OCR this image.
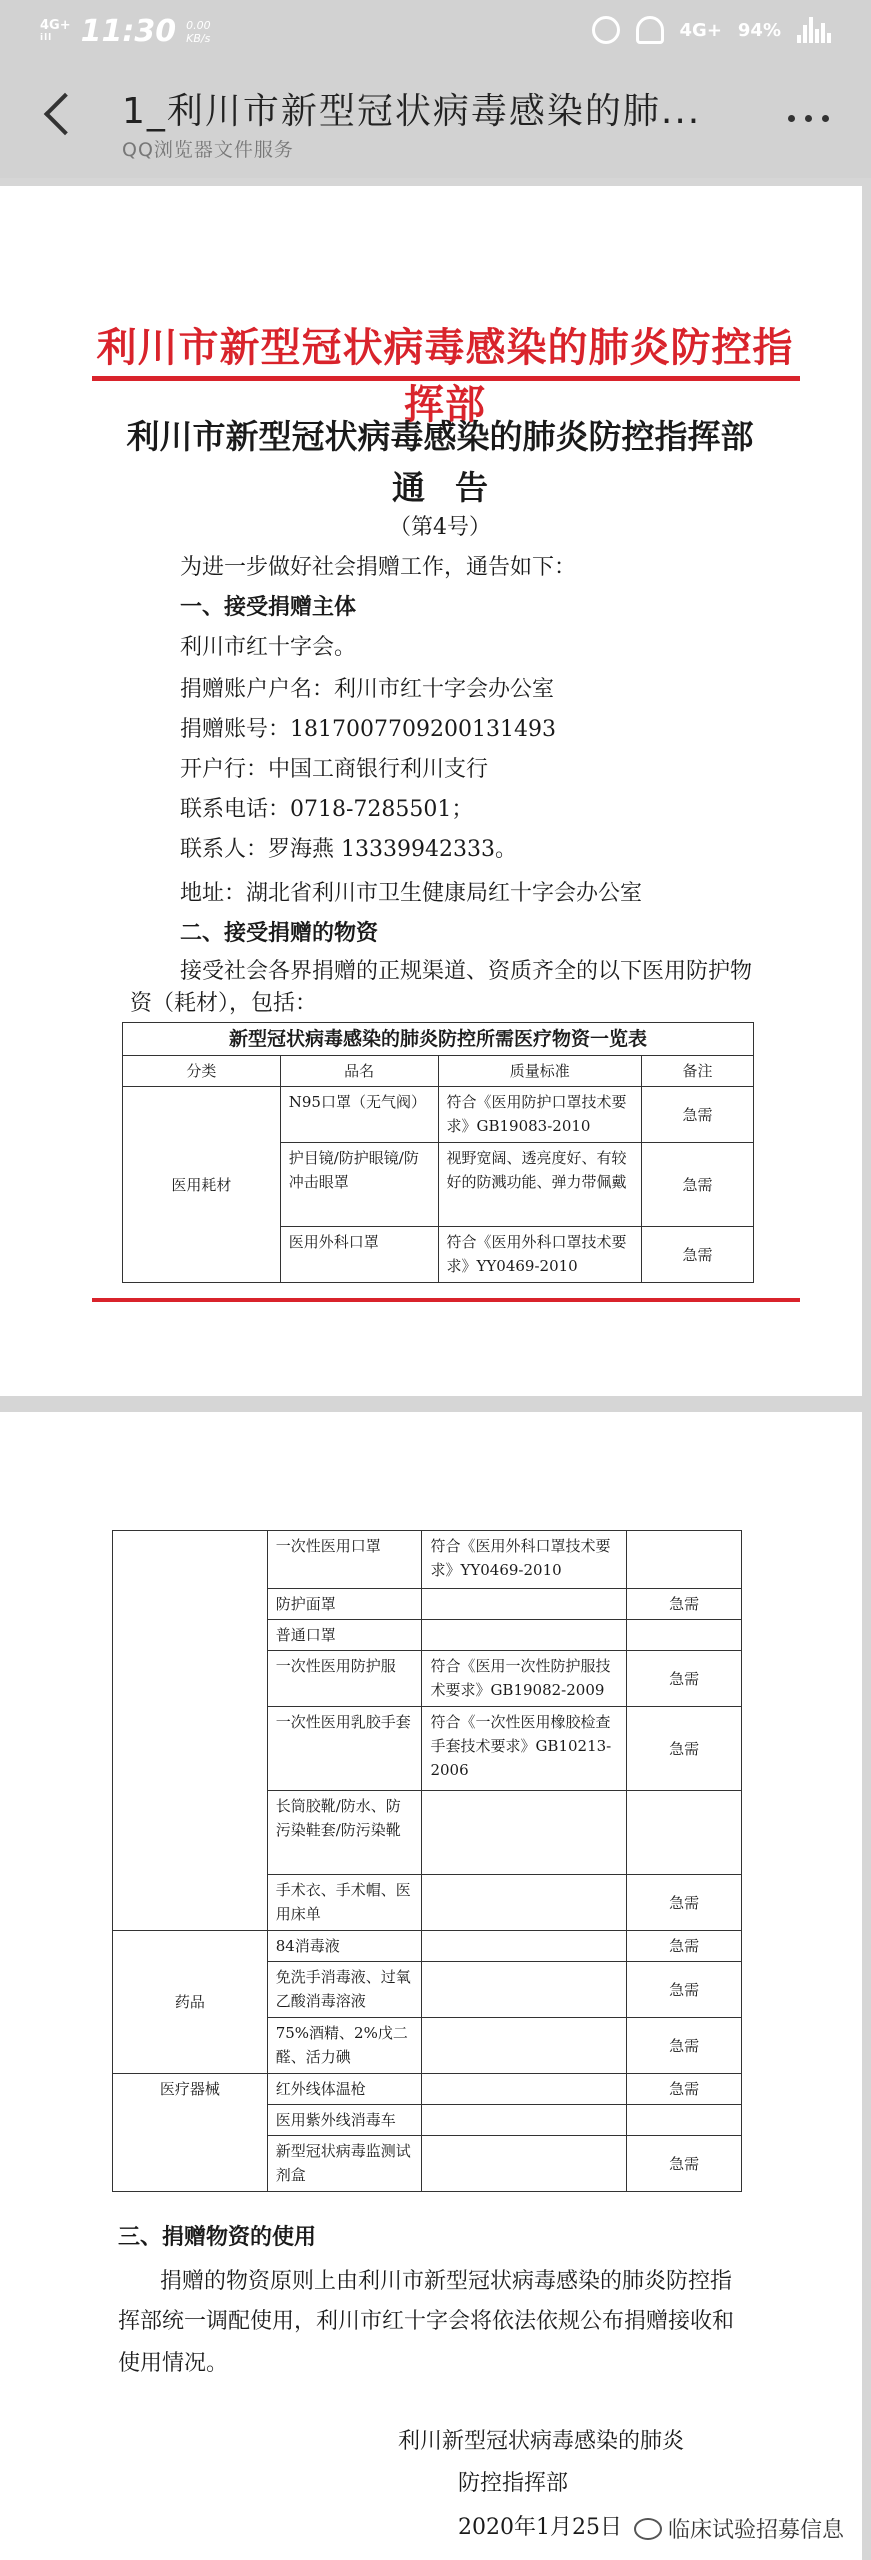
4G+
ill 11:30 0.00
KB/s	4G+ 94%
1_利川市新型冠状病毒感染的肺...
QQ浏览器文件服务
利川市新型冠状病毒感染的肺炎防控指挥部
利川市新型冠状病毒感染的肺炎防控指挥部
通告
（第4号）
为进一步做好社会捐赠工作，通告如下：
一、接受捐赠主体
利川市红十字会。
捐赠账户户名：利川市红十字会办公室
捐赠账号：1817007709200131493
开户行：中国工商银行利川支行
联系电话：0718-7285501；
联系人：罗海燕 13339942333。
地址：湖北省利川市卫生健康局红十字会办公室
二、接受捐赠的物资
接受社会各界捐赠的正规渠道、资质齐全的以下医用防护物
资（耗材），包括：
新型冠状病毒感染的肺炎防控所需医疗物资一览表			
分类	品名	质量标准	备注
医用耗材	N95口罩（无气阀）	符合《医用防护口罩技术要求》GB19083-2010	急需
	护目镜/防护眼镜/防冲击眼罩	视野宽阔、透亮度好、有较好的防溅功能、弹力带佩戴	急需
	医用外科口罩	符合《医用外科口罩技术要求》YY0469-2010	急需
	一次性医用口罩	符合《医用外科口罩技术要求》YY0469-2010	
	防护面罩		急需
	普通口罩		
	一次性医用防护服	符合《医用一次性防护服技术要求》GB19082-2009	急需
	一次性医用乳胶手套	符合《一次性医用橡胶检查手套技术要求》GB10213-2006	急需
	长筒胶靴/防水、防污染鞋套/防污染靴		
	手术衣、手术帽、医用床单		急需
药品	84消毒液		急需
	免洗手消毒液、过氧乙酸消毒溶液		急需
	75%酒精、2%戊二醛、活力碘		急需
医疗器械	红外线体温枪		急需
	医用紫外线消毒车		
	新型冠状病毒监测试剂盒		急需
三、捐赠物资的使用
捐赠的物资原则上由利川市新型冠状病毒感染的肺炎防控指
挥部统一调配使用，利川市红十字会将依法依规公布捐赠接收和
使用情况。
利川新型冠状病毒感染的肺炎
防控指挥部
2020年1月25日 临床试验招募信息
